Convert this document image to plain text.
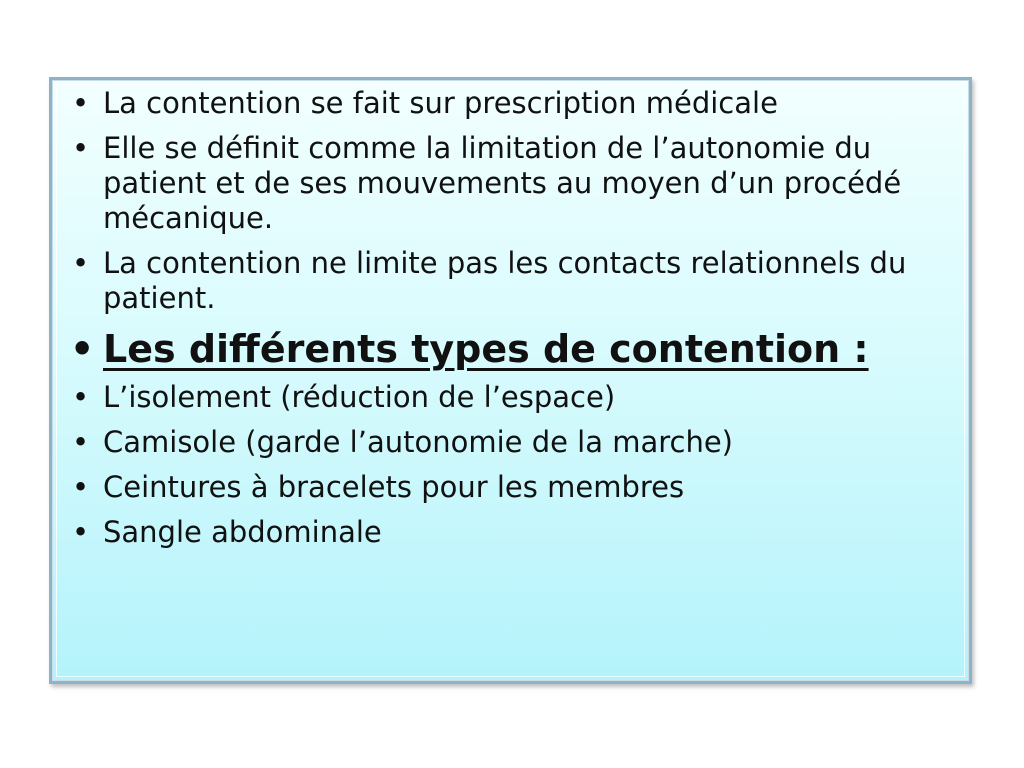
• La contention se fait sur prescription médicale
• Elle se définit comme la limitation de l’autonomie du patient et de ses mouvements au moyen d’un procédé mécanique.
• La contention ne limite pas les contacts relationnels du patient.
• Les différents types de contention :
• L’isolement (réduction de l’espace)
• Camisole (garde l’autonomie de la marche)
• Ceintures à bracelets pour les membres
• Sangle abdominale
